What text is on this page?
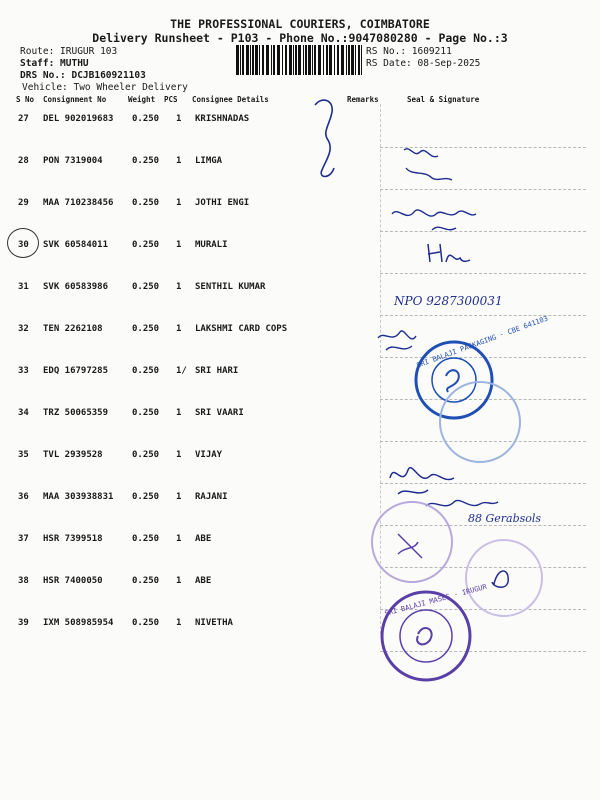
THE PROFESSIONAL COURIERS, COIMBATORE
Delivery Runsheet - P103 - Phone No.:9047080280 - Page No.:3
Route: IRUGUR 103
Staff: MUTHU
DRS No.: DCJB160921103
Vehicle: Two Wheeler Delivery
RS No.: 1609211
RS Date: 08-Sep-2025
S No Consignment No	Weight PCS Consignee Details	Remarks	Seal & Signature
27 DEL 902019683 0.250 1 KRISHNADAS
28 PON 7319004	0.250 1 LIMGA
29 MAA 710238456 0.250 1 JOTHI ENGI
30 SVK 60584011	0.250 1 MURALI
31 SVK 60583986	0.250 1 SENTHIL KUMAR
32 TEN 2262108	0.250 1 LAKSHMI CARD COPS
33 EDQ 16797285	0.250 1/ SRI HARI
34 TRZ 50065359	0.250 1 SRI VAARI
35 TVL 2939528	0.250 1 VIJAY
36 MAA 303938831 0.250 1 RAJANI
37 HSR 7399518	0.250 1 ABE
38 HSR 7400050	0.250 1 ABE
39 IXM 508985954 0.250 1 NIVETHA
NPO 9287300031
SRI BALAJI PACKAGING · CBE 641103
88 Gerabsols
SRI BALAJI MASES · IRUGUR
